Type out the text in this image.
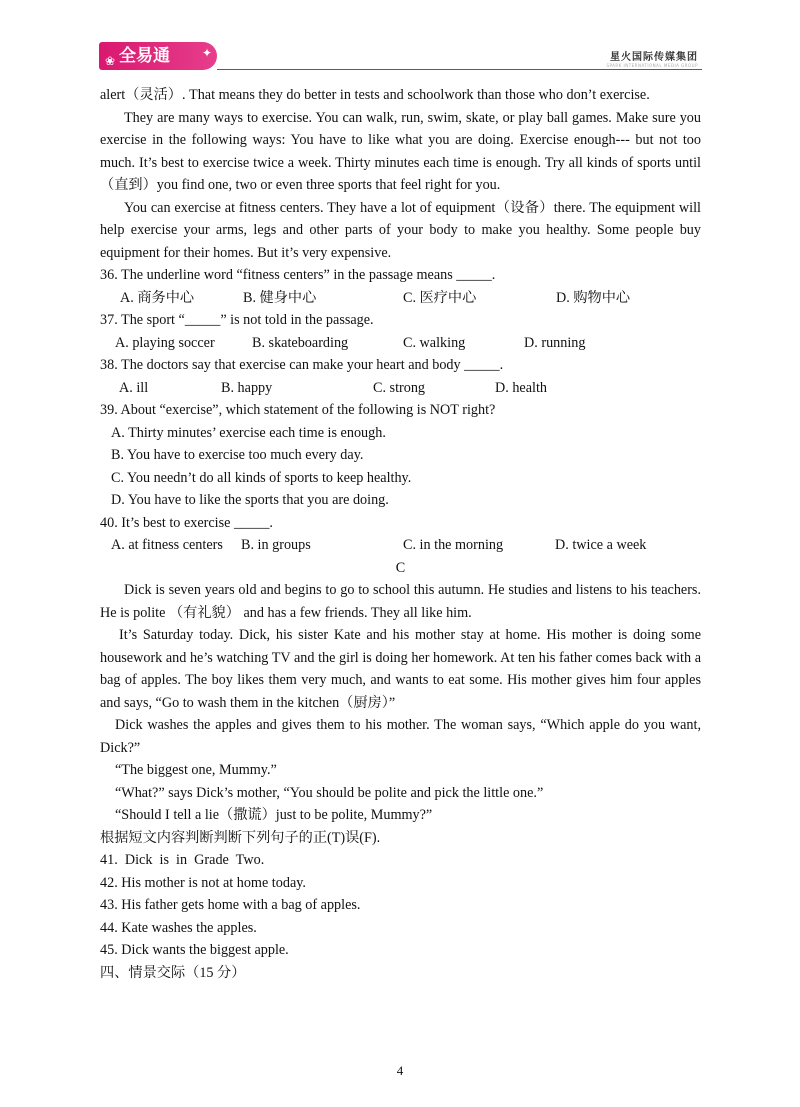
❀ 全易通	✦	星火国际传媒集团
SPARK INTERNATIONAL MEDIA GROUP

alert（灵活）. That means they do better in tests and schoolwork than those who don’t exercise.

They are many ways to exercise. You can walk, run, swim, skate, or play ball games. Make sure you exercise in the following ways: You have to like what you are doing. Exercise enough--- but not too much. It’s best to exercise twice a week. Thirty minutes each time is enough. Try all kinds of sports until（直到）you find one, two or even three sports that feel right for you.

You can exercise at fitness centers. They have a lot of equipment（设备）there. The equipment will help exercise your arms, legs and other parts of your body to make you healthy. Some people buy equipment for their homes. But it’s very expensive.

36. The underline word “fitness centers” in the passage means _____.

A. 商务中心	B. 健身中心	C. 医疗中心	D. 购物中心

37. The sport “_____” is not told in the passage.

A. playing soccer	B. skateboarding	C. walking	D. running

38. The doctors say that exercise can make your heart and body _____.

A. ill	B. happy	C. strong	D. health

39. About “exercise”, which statement of the following is NOT right?

A. Thirty minutes’ exercise each time is enough.

B. You have to exercise too much every day.

C. You needn’t do all kinds of sports to keep healthy.

D. You have to like the sports that you are doing.

40. It’s best to exercise _____.

A. at fitness centers B. in groups	C. in the morning	D. twice a week

C

Dick is seven years old and begins to go to school this autumn. He studies and listens to his teachers. He is polite （有礼貌） and has a few friends. They all like him.

It’s Saturday today. Dick, his sister Kate and his mother stay at home. His mother is doing some housework and he’s watching TV and the girl is doing her homework. At ten his father comes back with a bag of apples. The boy likes them very much, and wants to eat some. His mother gives him four apples and says, “Go to wash them in the kitchen（厨房）”

Dick washes the apples and gives them to his mother. The woman says, “Which apple do you want, Dick?”

“The biggest one, Mummy.”

“What?” says Dick’s mother, “You should be polite and pick the little one.”

“Should I tell a lie（撒谎）just to be polite, Mummy?”

根据短文内容判断判断下列句子的正(T)误(F).

41.  Dick  is  in  Grade  Two.

42. His mother is not at home today.

43. His father gets home with a bag of apples.

44. Kate washes the apples.

45. Dick wants the biggest apple.

四、情景交际（15 分）

4
